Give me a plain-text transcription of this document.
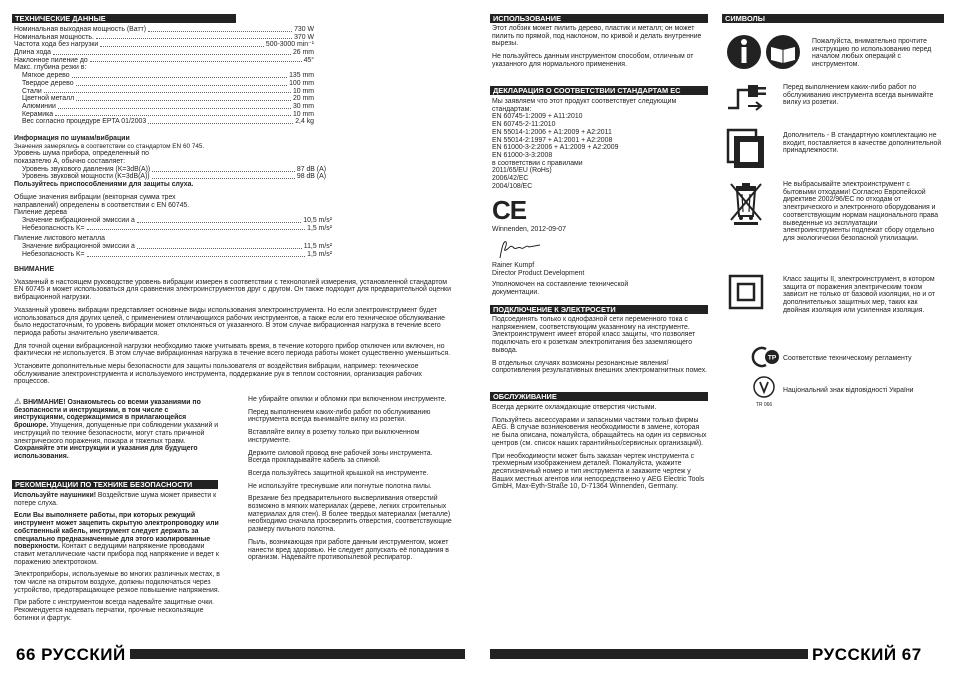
ТЕХНИЧЕСКИЕ ДАННЫЕ
Номинальная выходная мощность (Ватт)	730 W
Номинальная мощность.	370 W
Частота хода без нагрузки	500-3000 min⁻¹
Длина хода	26 mm
Наклонное пиление до	45°
Макс. глубина резки в:
Мягкое дерево	135 mm
Твердое дерево	100 mm
Стали	10 mm
Цветной металл	20 mm
Алюминии	30 mm
Керамика	10 mm
Вес согласно процедуре EPTA 01/2003	2,4 kg
Информация по шумам/вибрации
Значения замерялись в соответствии со стандартом EN 60 745.
Уровень шума прибора, определенный по показателю А, обычно составляет:
Уровень звукового давления (K=3dB(A))	87 dB (A)
Уровень звуковой мощности (K=3dB(A))	98 dB (A)
Пользуйтесь приспособлениями для защиты слуха.
Общие значения вибрации (векторная сумма трех направлений) определены в соответствии с EN 60745.
Пиление дерева
Значение вибрационной эмиссии a	10,5 m/s²
Небезопасность K=	1,5 m/s²
Пиление листового металла
Значение вибрационной эмиссии a	11,5 m/s²
Небезопасность K=	1,5 m/s²
ВНИМАНИЕ
Указанный в настоящем руководстве уровень вибрации измерен в соответствии с технологией измерения, установленной стандартом EN 60745 и может использоваться для сравнения электроинструментов друг с другом. Он также подходит для предварительной оценки вибрационной нагрузки.
Указанный уровень вибрации представляет основные виды использования электроинструмента. Но если электроинструмент будет использоваться для других целей, с применением отличающихся рабочих инструментов, а также если его техническое обслуживание было недостаточным, то уровень вибрации может отклоняться от указанного. В этом случае вибрационная нагрузка в течение всего периода работы значительно увеличивается.
Для точной оценки вибрационной нагрузки необходимо также учитывать время, в течение которого прибор отключен или включен, но фактически не используется. В этом случае вибрационная нагрузка в течение всего периода работы может существенно уменьшиться.
Установите дополнительные меры безопасности для защиты пользователя от воздействия вибрации, например: техническое обслуживание электроинструмента и используемого инструмента, поддержание рук в теплом состоянии, организация рабочих процессов.
⚠ ВНИМАНИЕ! Ознакомьтесь со всеми указаниями по безопасности и инструкциями, в том числе с инструкциями, содержащимися в прилагающейся брошюре. Упущения, допущенные при соблюдении указаний и инструкций по технике безопасности, могут стать причиной электрического поражения, пожара и тяжелых травм. Сохраняйте эти инструкции и указания для будущего использования.
РЕКОМЕНДАЦИИ ПО ТЕХНИКЕ БЕЗОПАСНОСТИ
Используйте наушники! Воздействие шума может привести к потере слуха.
Если Вы выполняете работы, при которых режущий инструмент может зацепить скрытую электропроводку или собственный кабель, инструмент следует держать за специально предназначенные для этого изолированные поверхности. Контакт с ведущими напряжение проводами ставит металлические части прибора под напряжение и ведет к поражению электротоком.
Электроприборы, используемые во многих различных местах, в том числе на открытом воздухе, должны подключаться через устройство, предотвращающее резкое повышение напряжения.
При работе с инструментом всегда надевайте защитные очки. Рекомендуется надевать перчатки, прочные нескользящие ботинки и фартук.
Не убирайте опилки и обломки при включенном инструменте.
Перед выполнением каких-либо работ по обслуживанию инструмента всегда вынимайте вилку из розетки.
Вставляйте вилку в розетку только при выключенном инструменте.
Держите силовой провод вне рабочей зоны инструмента. Всегда прокладывайте кабель за спиной.
Всегда пользуйтесь защитной крышкой на инструменте.
Не используйте треснувшие или погнутые полотна пилы.
Врезание без предварительного высверливания отверстий возможно в мягких материалах (дереве, легких строительных материалах для стен). В более твердых материалах (металле) необходимо сначала просверлить отверстия, соответствующие размеру пильного полотна.
Пыль, возникающая при работе данным инструментом, может нанести вред здоровью. Не следует допускать её попадания в организм. Надевайте противопылевой респиратор.
66 РУССКИЙ
ИСПОЛЬЗОВАНИЕ
Этот лобзик может пилить дерево, пластик и металл; он может пилить по прямой, под наклоном, по кривой и делать внутренние вырезы.
Не пользуйтесь данным инструментом способом, отличным от указанного для нормального применения.
ДЕКЛАРАЦИЯ О СООТВЕТСТВИИ СТАНДАРТАМ ЕС
Мы заявляем что этот продукт соответствует следующим стандартам:
EN 60745-1:2009 + A11:2010
EN 60745-2-11:2010
EN 55014-1:2006 + A1:2009 + A2:2011
EN 55014-2:1997 + A1:2001 + A2:2008
EN 61000-3-2:2006 + A1:2009 + A2:2009
EN 61000-3-3:2008
в соответствии с правилами
2011/65/EU (RoHs)
2006/42/EC
2004/108/EC
CE
Winnenden, 2012-09-07
Rainer Kumpf
Director Product Development
Уполномочен на составление технической документации.
ПОДКЛЮЧЕНИЕ К ЭЛЕКТРОСЕТИ
Подсоединять только к однофазной сети переменного тока с напряжением, соответствующим указанному на инструменте. Электроинструмент имеет второй класс защиты, что позволяет подключать его к розеткам электропитания без заземляющего вывода.
В отдельных случаях возможны резонансные явления/сопротивления результативных внешних электромагнитных помех.
ОБСЛУЖИВАНИЕ
Всегда держите охлаждающие отверстия чистыми.
Пользуйтесь аксессуарами и запасными частями только фирмы AEG. В случае возникновения необходимости в замене, которая не была описана, пожалуйста, обращайтесь на один из сервисных центров (см. список наших гарантийных/сервисных организаций).
При необходимости может быть заказан чертеж инструмента с трехмерным изображением деталей. Пожалуйста, укажите десятизначный номер и тип инструмента и закажите чертеж у Ваших местных агентов или непосредственно у AEG Electric Tools GmbH, Max-Eyth-Straße 10, D-71364 Winnenden, Germany.
СИМВОЛЫ
Пожалуйста, внимательно прочтите инструкцию по использованию перед началом любых операций с инструментом.
Перед выполнением каких-либо работ по обслуживанию инструмента всегда вынимайте вилку из розетки.
Дополнитель - В стандартную комплектацию не входит, поставляется в качестве дополнительной принадлежности.
Не выбрасывайте электроинструмент с бытовыми отходами! Согласно Европейской директиве 2002/96/EC по отходам от электрического и электронного оборудования и соответствующим нормам национального права выведенные из эксплуатации электроинструменты подлежат сбору отдельно для экологически безопасной утилизации.
Класс защиты II, электроинструмент, в котором защита от поражения электрическим током зависит не только от базовой изоляции, но и от дополнительных защитных мер, таких как двойная изоляция или усиленная изоляция.
TP Соответствие техническому регламенту
ТR 066
Національний знак відповідності України
РУССКИЙ 67
